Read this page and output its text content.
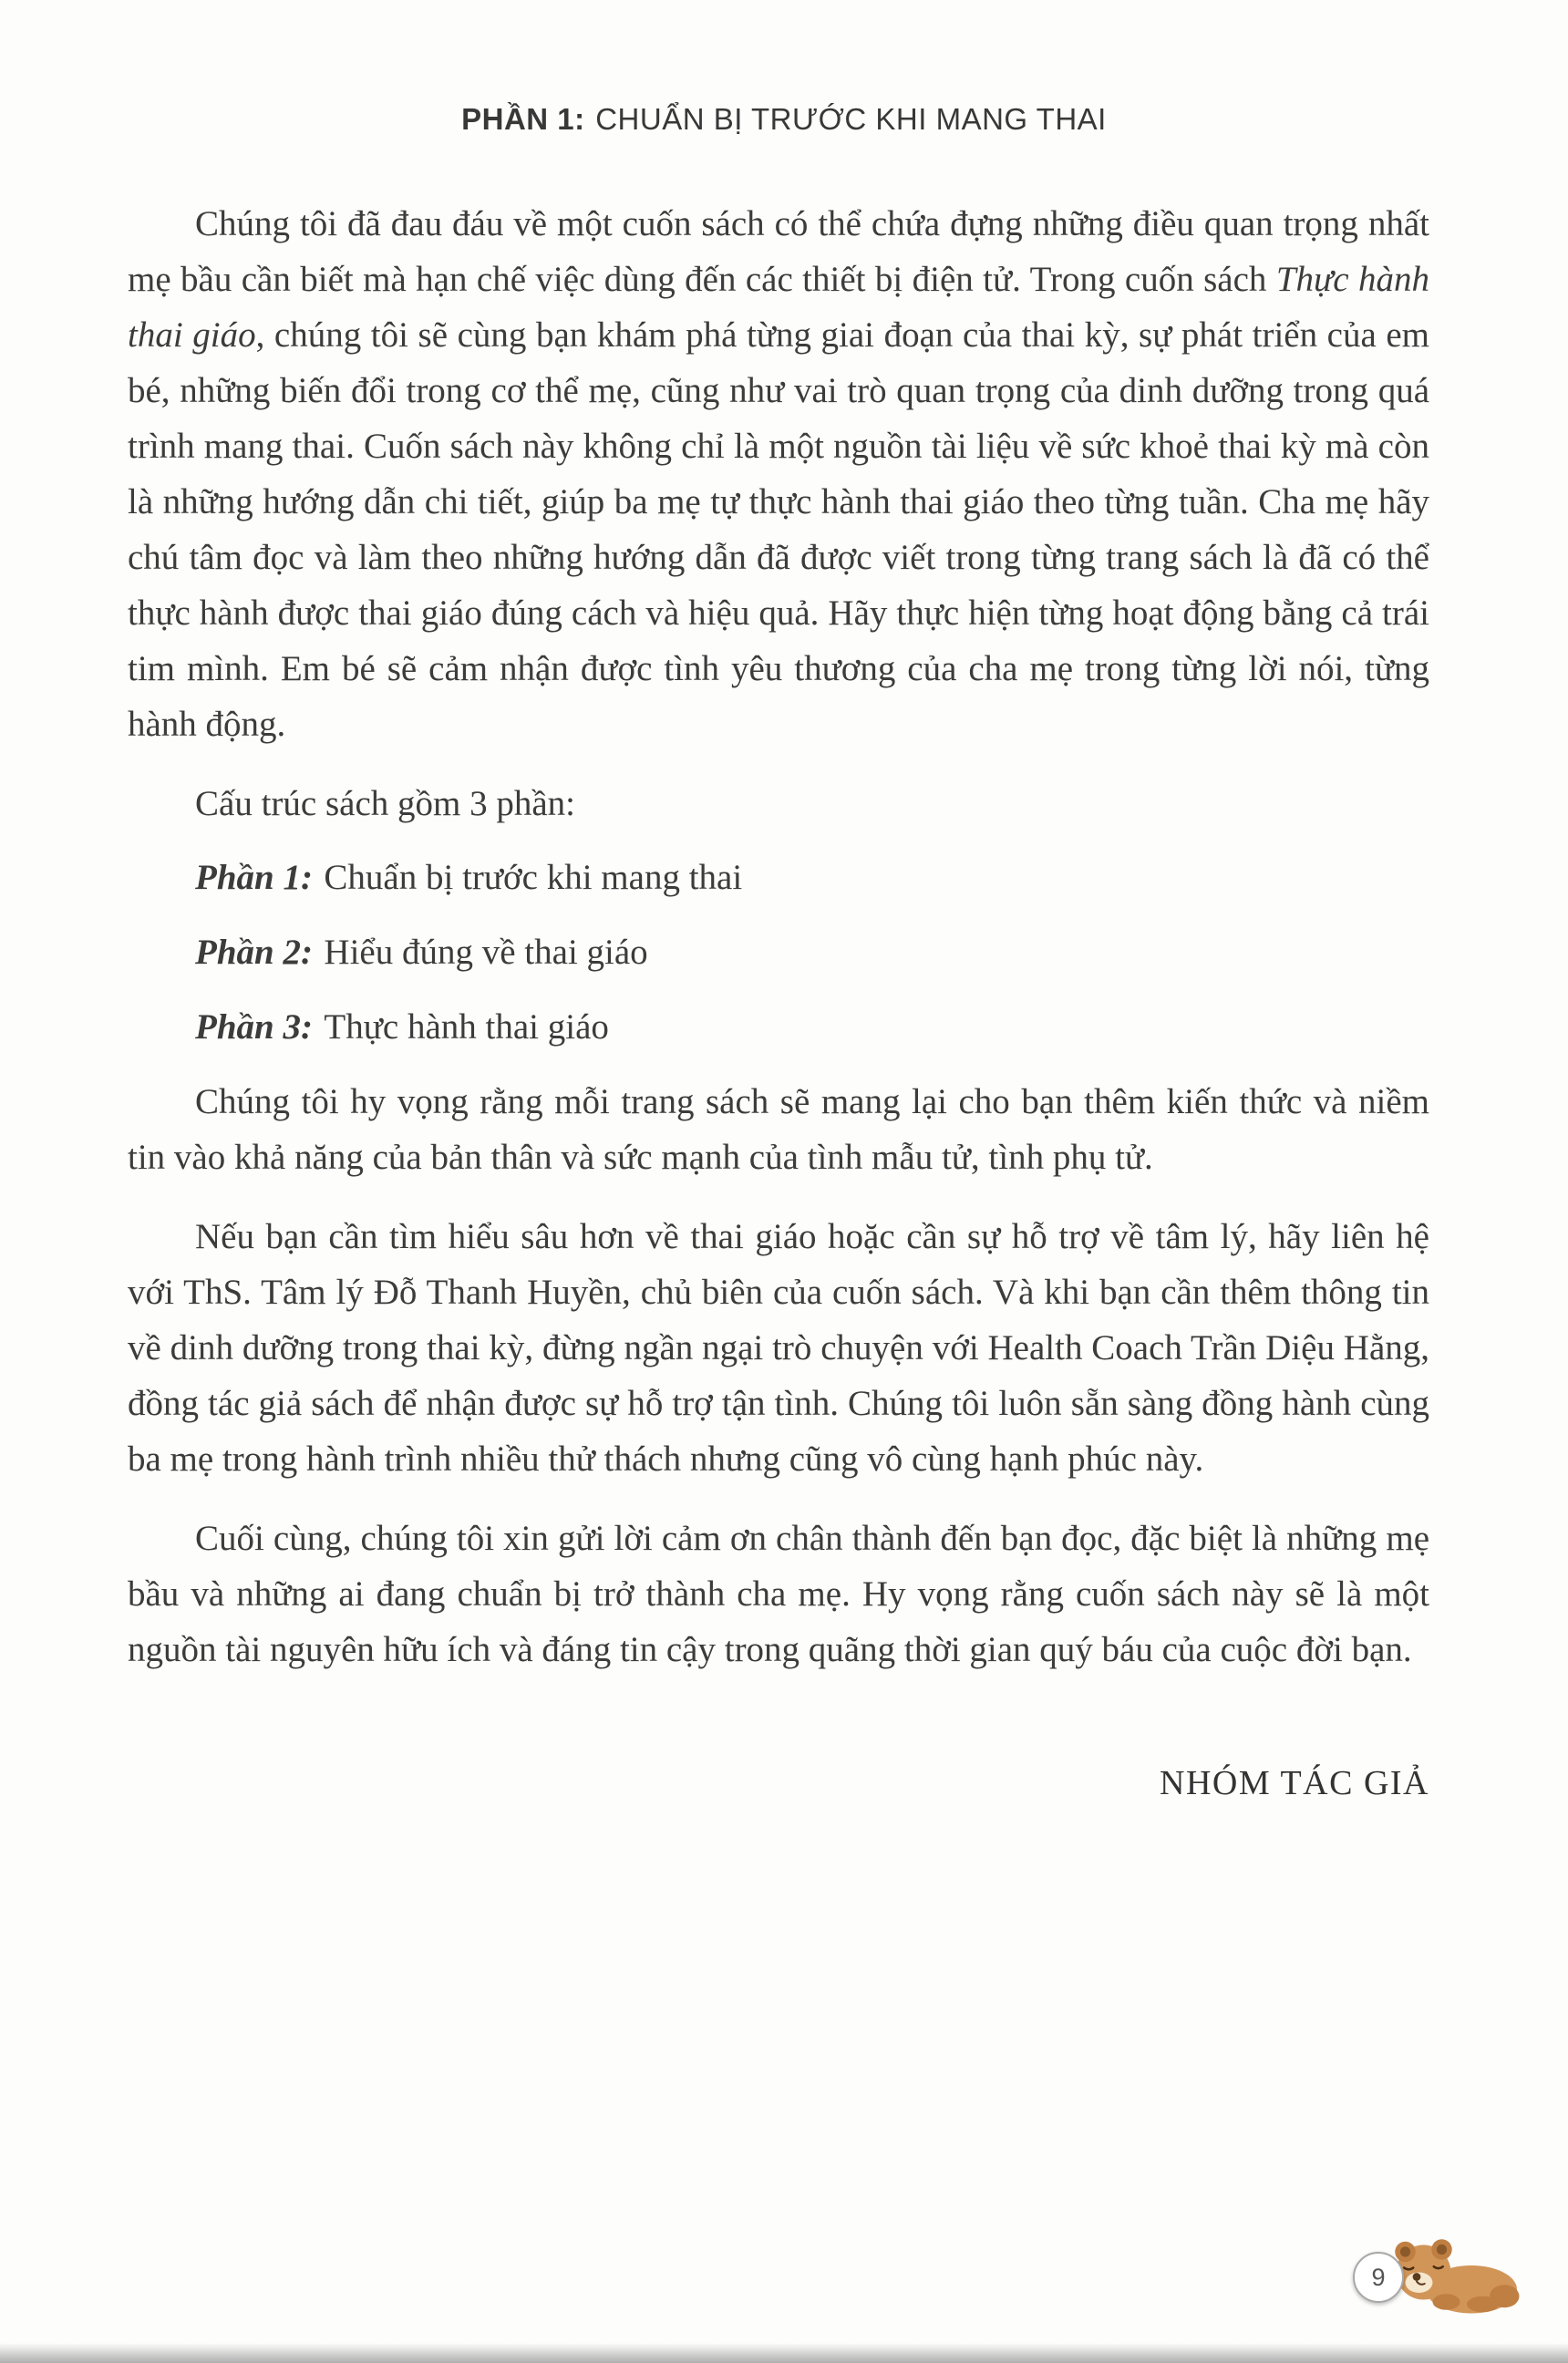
PHẦN 1: CHUẨN BỊ TRƯỚC KHI MANG THAI

Chúng tôi đã đau đáu về một cuốn sách có thể chứa đựng những điều quan trọng nhất mẹ bầu cần biết mà hạn chế việc dùng đến các thiết bị điện tử. Trong cuốn sách Thực hành thai giáo, chúng tôi sẽ cùng bạn khám phá từng giai đoạn của thai kỳ, sự phát triển của em bé, những biến đổi trong cơ thể mẹ, cũng như vai trò quan trọng của dinh dưỡng trong quá trình mang thai. Cuốn sách này không chỉ là một nguồn tài liệu về sức khoẻ thai kỳ mà còn là những hướng dẫn chi tiết, giúp ba mẹ tự thực hành thai giáo theo từng tuần. Cha mẹ hãy chú tâm đọc và làm theo những hướng dẫn đã được viết trong từng trang sách là đã có thể thực hành được thai giáo đúng cách và hiệu quả. Hãy thực hiện từng hoạt động bằng cả trái tim mình. Em bé sẽ cảm nhận được tình yêu thương của cha mẹ trong từng lời nói, từng hành động.

Cấu trúc sách gồm 3 phần:

Phần 1: Chuẩn bị trước khi mang thai
Phần 2: Hiểu đúng về thai giáo
Phần 3: Thực hành thai giáo

Chúng tôi hy vọng rằng mỗi trang sách sẽ mang lại cho bạn thêm kiến thức và niềm tin vào khả năng của bản thân và sức mạnh của tình mẫu tử, tình phụ tử.

Nếu bạn cần tìm hiểu sâu hơn về thai giáo hoặc cần sự hỗ trợ về tâm lý, hãy liên hệ với ThS. Tâm lý Đỗ Thanh Huyền, chủ biên của cuốn sách. Và khi bạn cần thêm thông tin về dinh dưỡng trong thai kỳ, đừng ngần ngại trò chuyện với Health Coach Trần Diệu Hằng, đồng tác giả sách để nhận được sự hỗ trợ tận tình. Chúng tôi luôn sẵn sàng đồng hành cùng ba mẹ trong hành trình nhiều thử thách nhưng cũng vô cùng hạnh phúc này.

Cuối cùng, chúng tôi xin gửi lời cảm ơn chân thành đến bạn đọc, đặc biệt là những mẹ bầu và những ai đang chuẩn bị trở thành cha mẹ. Hy vọng rằng cuốn sách này sẽ là một nguồn tài nguyên hữu ích và đáng tin cậy trong quãng thời gian quý báu của cuộc đời bạn.

NHÓM TÁC GIẢ
9
